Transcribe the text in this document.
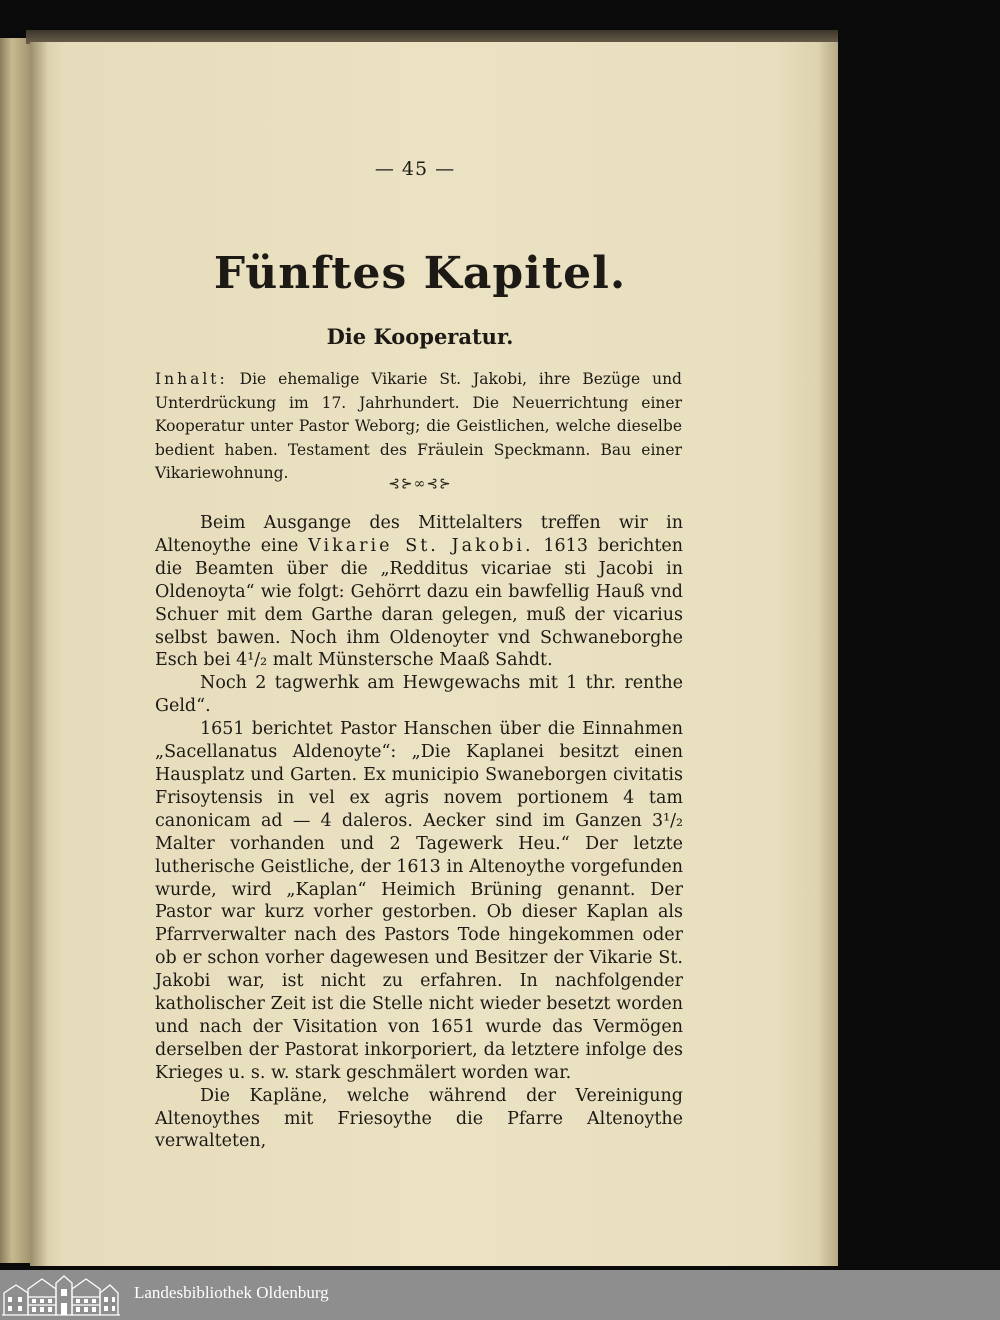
— 45 —
Fünftes Kapitel.
Die Kooperatur.
Inhalt: Die ehemalige Vikarie St. Jakobi, ihre Bezüge und Unterdrückung im 17. Jahrhundert. Die Neuerrichtung einer Kooperatur unter Pastor Weborg; die Geistlichen, welche dieselbe bedient haben. Testament des Fräulein Speckmann. Bau einer Vikariewohnung.
⊰⊱∞⊰⊱

Beim Ausgange des Mittelalters treffen wir in Altenoythe eine Vikarie St. Jakobi. 1613 berichten die Beamten über die „Redditus vicariae sti Jacobi in Oldenoyta“ wie folgt: Gehörrt dazu ein bawfellig Hauß vnd Schuer mit dem Garthe daran gelegen, muß der vicarius selbst bawen. Noch ihm Oldenoyter vnd Schwaneborghe Esch bei 4¹/₂ malt Münstersche Maaß Sahdt.

Noch 2 tagwerhk am Hewgewachs mit 1 thr. renthe Geld“.

1651 berichtet Pastor Hanschen über die Einnahmen „Sacellanatus Aldenoyte“: „Die Kaplanei besitzt einen Hausplatz und Garten. Ex municipio Swaneborgen civitatis Frisoytensis in vel ex agris novem portionem 4 tam canonicam ad — 4 daleros. Aecker sind im Ganzen 3¹/₂ Malter vorhanden und 2 Tagewerk Heu.“ Der letzte lutherische Geistliche, der 1613 in Altenoythe vorgefunden wurde, wird „Kaplan“ Heimich Brüning genannt. Der Pastor war kurz vorher gestorben. Ob dieser Kaplan als Pfarrverwalter nach des Pastors Tode hingekommen oder ob er schon vorher dagewesen und Besitzer der Vikarie St. Jakobi war, ist nicht zu erfahren. In nachfolgender katholischer Zeit ist die Stelle nicht wieder besetzt worden und nach der Visitation von 1651 wurde das Vermögen derselben der Pastorat inkorporiert, da letztere infolge des Krieges u. s. w. stark geschmälert worden war.

Die Kapläne, welche während der Vereinigung Altenoythes mit Friesoythe die Pfarre Altenoythe verwalteten,

Landesbibliothek Oldenburg
